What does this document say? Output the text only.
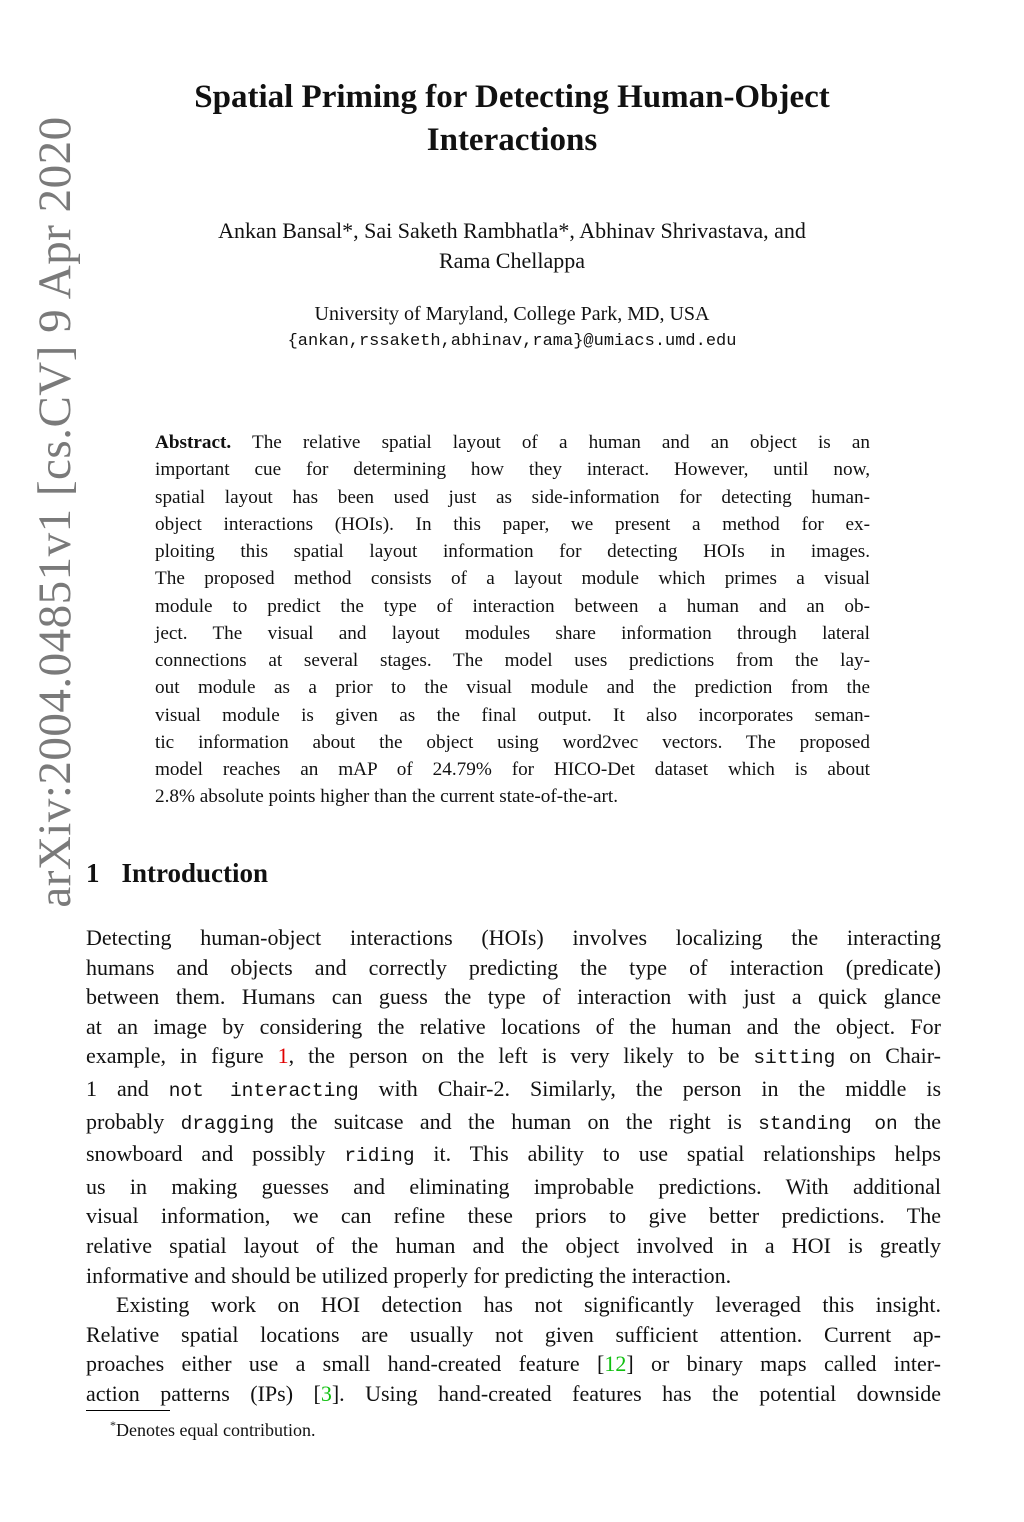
arXiv:2004.04851v1 [cs.CV] 9 Apr 2020
Spatial Priming for Detecting Human-Object
Interactions
Ankan Bansal*, Sai Saketh Rambhatla*, Abhinav Shrivastava, and
Rama Chellappa
University of Maryland, College Park, MD, USA
{ankan,rssaketh,abhinav,rama}@umiacs.umd.edu
Abstract. The relative spatial layout of a human and an object is an
important cue for determining how they interact. However, until now,
spatial layout has been used just as side-information for detecting human-
object interactions (HOIs). In this paper, we present a method for ex-
ploiting this spatial layout information for detecting HOIs in images.
The proposed method consists of a layout module which primes a visual
module to predict the type of interaction between a human and an ob-
ject. The visual and layout modules share information through lateral
connections at several stages. The model uses predictions from the lay-
out module as a prior to the visual module and the prediction from the
visual module is given as the final output. It also incorporates seman-
tic information about the object using word2vec vectors. The proposed
model reaches an mAP of 24.79% for HICO-Det dataset which is about
2.8% absolute points higher than the current state-of-the-art.
1 Introduction
Detecting human-object interactions (HOIs) involves localizing the interacting
humans and objects and correctly predicting the type of interaction (predicate)
between them. Humans can guess the type of interaction with just a quick glance
at an image by considering the relative locations of the human and the object. For
example, in figure 1, the person on the left is very likely to be sitting on Chair-
1 and not interacting with Chair-2. Similarly, the person in the middle is
probably dragging the suitcase and the human on the right is standing on the
snowboard and possibly riding it. This ability to use spatial relationships helps
us in making guesses and eliminating improbable predictions. With additional
visual information, we can refine these priors to give better predictions. The
relative spatial layout of the human and the object involved in a HOI is greatly
informative and should be utilized properly for predicting the interaction.
Existing work on HOI detection has not significantly leveraged this insight.
Relative spatial locations are usually not given sufficient attention. Current ap-
proaches either use a small hand-created feature [12] or binary maps called inter-
action patterns (IPs) [3]. Using hand-created features has the potential downside
*Denotes equal contribution.
